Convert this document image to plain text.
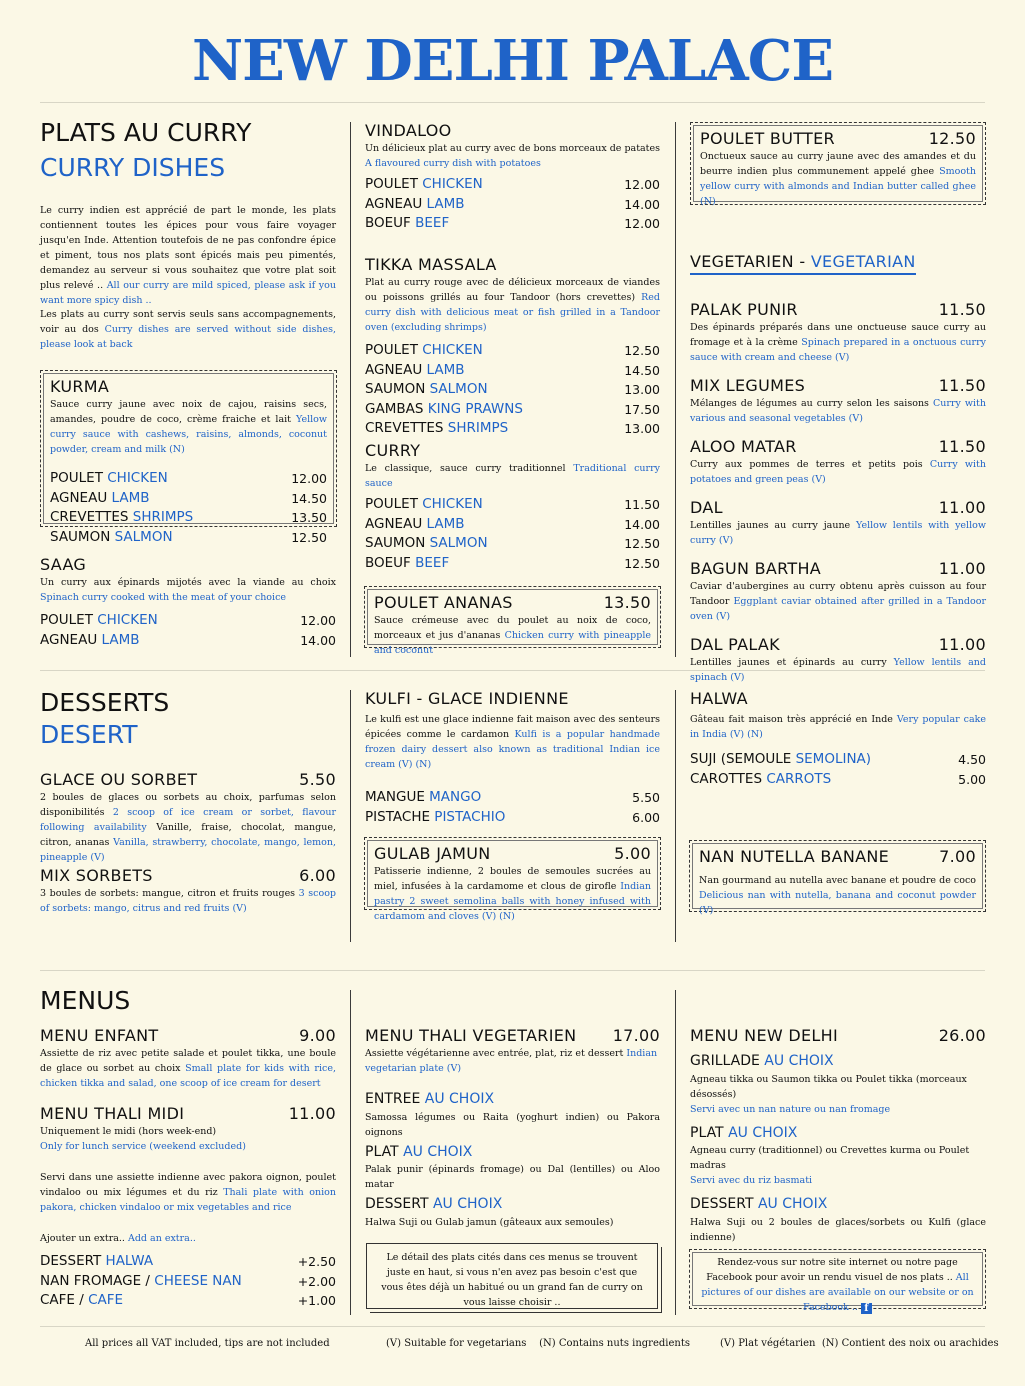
NEW DELHI PALACE
PLATS AU CURRY
CURRY DISHES
Le curry indien est apprécié de part le monde, les plats contiennent toutes les épices pour vous faire voyager jusqu'en Inde. Attention toutefois de ne pas confondre épice et piment, tous nos plats sont épicés mais peu pimentés, demandez au serveur si vous souhaitez que votre plat soit plus relevé .. All our curry are mild spiced, please ask if you want more spicy dish ..
Les plats au curry sont servis seuls sans accompagnements, voir au dos Curry dishes are served without side dishes, please look at back
KURMA
Sauce curry jaune avec noix de cajou, raisins secs, amandes, poudre de coco, crème fraiche et lait Yellow curry sauce with cashews, raisins, almonds, coconut powder, cream and milk (N)
POULET CHICKEN	12.00
AGNEAU LAMB	14.50
CREVETTES SHRIMPS	13.50
SAUMON SALMON	12.50
SAAG
Un curry aux épinards mijotés avec la viande au choix Spinach curry cooked with the meat of your choice
POULET CHICKEN	12.00
AGNEAU LAMB	14.00
VINDALOO
Un délicieux plat au curry avec de bons morceaux de patates A flavoured curry dish with potatoes
POULET CHICKEN	12.00
AGNEAU LAMB	14.00
BOEUF BEEF	12.00
TIKKA MASSALA
Plat au curry rouge avec de délicieux morceaux de viandes ou poissons grillés au four Tandoor (hors crevettes) Red curry dish with delicious meat or fish grilled in a Tandoor oven (excluding shrimps)
POULET CHICKEN	12.50
AGNEAU LAMB	14.50
SAUMON SALMON	13.00
GAMBAS KING PRAWNS	17.50
CREVETTES SHRIMPS	13.00
CURRY
Le classique, sauce curry traditionnel Traditional curry sauce
POULET CHICKEN	11.50
AGNEAU LAMB	14.00
SAUMON SALMON	12.50
BOEUF BEEF	12.50
POULET ANANAS	13.50
Sauce crémeuse avec du poulet au noix de coco, morceaux et jus d'ananas Chicken curry with pineapple and coconut
POULET BUTTER	12.50
Onctueux sauce au curry jaune avec des amandes et du beurre indien plus communement appelé ghee Smooth yellow curry with almonds and Indian butter called ghee (N)
VEGETARIEN - VEGETARIAN
PALAK PUNIR	11.50
Des épinards préparés dans une onctueuse sauce curry au fromage et à la crème Spinach prepared in a onctuous curry sauce with cream and cheese (V)
MIX LEGUMES	11.50
Mélanges de légumes au curry selon les saisons Curry with various and seasonal vegetables (V)
ALOO MATAR	11.50
Curry aux pommes de terres et petits pois Curry with potatoes and green peas (V)
DAL	11.00
Lentilles jaunes au curry jaune Yellow lentils with yellow curry (V)
BAGUN BARTHA	11.00
Caviar d'aubergines au curry obtenu après cuisson au four Tandoor Eggplant caviar obtained after grilled in a Tandoor oven (V)
DAL PALAK	11.00
Lentilles jaunes et épinards au curry Yellow lentils and spinach (V)
DESSERTS
DESERT
GLACE OU SORBET	5.50
2 boules de glaces ou sorbets au choix, parfumas selon disponibilités 2 scoop of ice cream or sorbet, flavour following availability Vanille, fraise, chocolat, mangue, citron, ananas Vanilla, strawberry, chocolate, mango, lemon, pineapple (V)
MIX SORBETS	6.00
3 boules de sorbets: mangue, citron et fruits rouges 3 scoop of sorbets: mango, citrus and red fruits (V)
KULFI - GLACE INDIENNE
Le kulfi est une glace indienne fait maison avec des senteurs épicées comme le cardamon Kulfi is a popular handmade frozen dairy dessert also known as traditional Indian ice cream (V) (N)
MANGUE MANGO	5.50
PISTACHE PISTACHIO	6.00
GULAB JAMUN	5.00
Patisserie indienne, 2 boules de semoules sucrées au miel, infusées à la cardamome et clous de girofle Indian pastry 2 sweet semolina balls with honey infused with cardamom and cloves (V) (N)
HALWA
Gâteau fait maison très apprécié en Inde Very popular cake in India (V) (N)
SUJI (SEMOULE SEMOLINA)	4.50
CAROTTES CARROTS	5.00
NAN NUTELLA BANANE	7.00
Nan gourmand au nutella avec banane et poudre de coco Delicious nan with nutella, banana and coconut powder (V)
MENUS
MENU ENFANT	9.00
Assiette de riz avec petite salade et poulet tikka, une boule de glace ou sorbet au choix Small plate for kids with rice, chicken tikka and salad, one scoop of ice cream for desert
MENU THALI MIDI	11.00
Uniquement le midi (hors week-end)
Only for lunch service (weekend excluded)
Servi dans une assiette indienne avec pakora oignon, poulet vindaloo ou mix légumes et du riz Thali plate with onion pakora, chicken vindaloo or mix vegetables and rice
Ajouter un extra.. Add an extra..
DESSERT HALWA	+2.50
NAN FROMAGE / CHEESE NAN	+2.00
CAFE / CAFE	+1.00
MENU THALI VEGETARIEN 17.00
Assiette végétarienne avec entrée, plat, riz et dessert Indian vegetarian plate (V)
ENTREE AU CHOIX
Samossa légumes ou Raita (yoghurt indien) ou Pakora oignons
PLAT AU CHOIX
Palak punir (épinards fromage) ou Dal (lentilles) ou Aloo matar
DESSERT AU CHOIX
Halwa Suji ou Gulab jamun (gâteaux aux semoules)
Le détail des plats cités dans ces menus se trouvent juste en haut, si vous n'en avez pas besoin c'est que vous êtes déjà un habitué ou un grand fan de curry on vous laisse choisir ..
MENU NEW DELHI	26.00
GRILLADE AU CHOIX
Agneau tikka ou Saumon tikka ou Poulet tikka (morceaux désossés)
Servi avec un nan nature ou nan fromage
PLAT AU CHOIX
Agneau curry (traditionnel) ou Crevettes kurma ou Poulet madras
Servi avec du riz basmati
DESSERT AU CHOIX
Halwa Suji ou 2 boules de glaces/sorbets ou Kulfi (glace indienne)
Rendez-vous sur notre site internet ou notre page Facebook pour avoir un rendu visuel de nos plats .. All pictures of our dishes are available on our website or on Facebook .. f
All prices all VAT included, tips are not included	(V) Suitable for vegetarians    (N) Contains nuts ingredients	(V) Plat végétarien  (N) Contient des noix ou arachides
